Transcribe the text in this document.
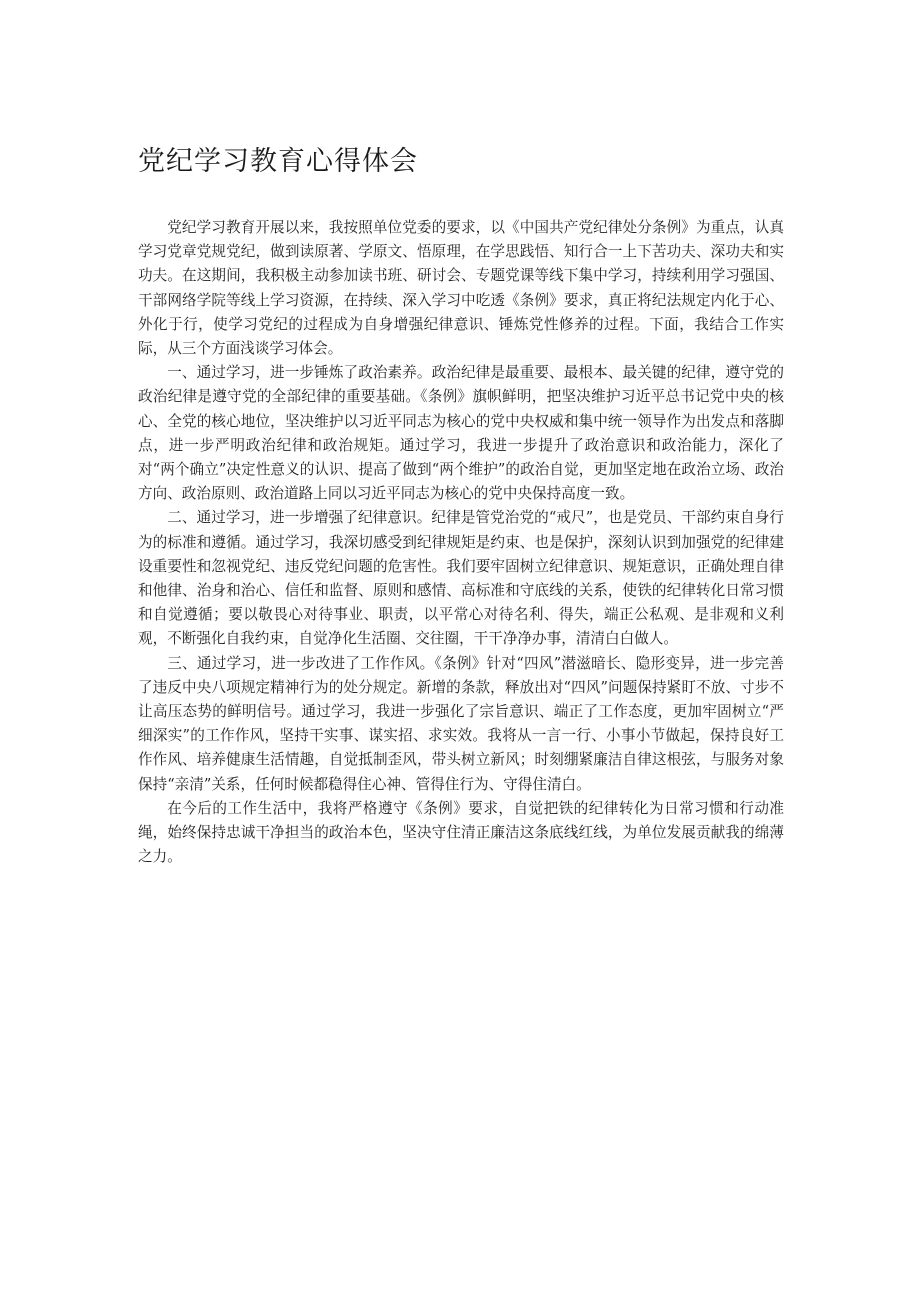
党纪学习教育心得体会

党纪学习教育开展以来，我按照单位党委的要求，以《中国共产党纪律处分条例》为重点，认真学习党章党规党纪，做到读原著、学原文、悟原理，在学思践悟、知行合一上下苦功夫、深功夫和实功夫。在这期间，我积极主动参加读书班、研讨会、专题党课等线下集中学习，持续利用学习强国、干部网络学院等线上学习资源，在持续、深入学习中吃透《条例》要求，真正将纪法规定内化于心、外化于行，使学习党纪的过程成为自身增强纪律意识、锤炼党性修养的过程。下面，我结合工作实际，从三个方面浅谈学习体会。

一、通过学习，进一步锤炼了政治素养。政治纪律是最重要、最根本、最关键的纪律，遵守党的政治纪律是遵守党的全部纪律的重要基础。《条例》旗帜鲜明，把坚决维护习近平总书记党中央的核心、全党的核心地位，坚决维护以习近平同志为核心的党中央权威和集中统一领导作为出发点和落脚点，进一步严明政治纪律和政治规矩。通过学习，我进一步提升了政治意识和政治能力，深化了对“两个确立”决定性意义的认识、提高了做到“两个维护”的政治自觉，更加坚定地在政治立场、政治方向、政治原则、政治道路上同以习近平同志为核心的党中央保持高度一致。

二、通过学习，进一步增强了纪律意识。纪律是管党治党的“戒尺”，也是党员、干部约束自身行为的标准和遵循。通过学习，我深切感受到纪律规矩是约束、也是保护，深刻认识到加强党的纪律建设重要性和忽视党纪、违反党纪问题的危害性。我们要牢固树立纪律意识、规矩意识，正确处理自律和他律、治身和治心、信任和监督、原则和感情、高标准和守底线的关系，使铁的纪律转化日常习惯和自觉遵循；要以敬畏心对待事业、职责，以平常心对待名利、得失，端正公私观、是非观和义利观，不断强化自我约束，自觉净化生活圈、交往圈，干干净净办事，清清白白做人。

三、通过学习，进一步改进了工作作风。《条例》针对“四风”潜滋暗长、隐形变异，进一步完善了违反中央八项规定精神行为的处分规定。新增的条款，释放出对“四风”问题保持紧盯不放、寸步不让高压态势的鲜明信号。通过学习，我进一步强化了宗旨意识、端正了工作态度，更加牢固树立“严细深实”的工作作风，坚持干实事、谋实招、求实效。我将从一言一行、小事小节做起，保持良好工作作风、培养健康生活情趣，自觉抵制歪风，带头树立新风；时刻绷紧廉洁自律这根弦，与服务对象保持“亲清”关系，任何时候都稳得住心神、管得住行为、守得住清白。

在今后的工作生活中，我将严格遵守《条例》要求，自觉把铁的纪律转化为日常习惯和行动准绳，始终保持忠诚干净担当的政治本色，坚决守住清正廉洁这条底线红线，为单位发展贡献我的绵薄之力。
